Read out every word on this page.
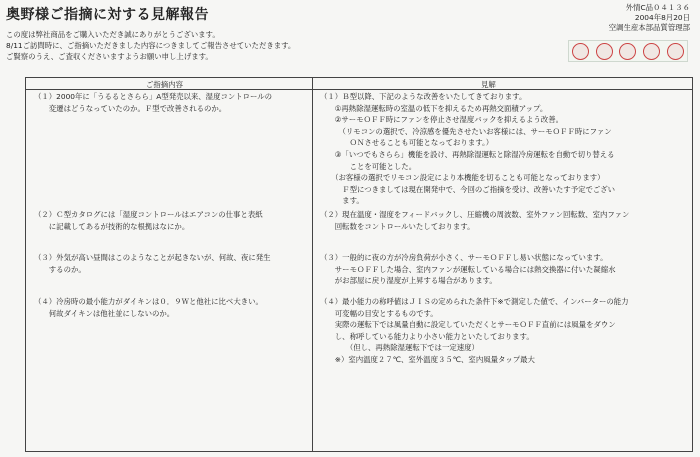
奥野様ご指摘に対する見解報告	外情C品０４１３６
2004年8月20日
空調生産本部品質管理部
この度は弊社商品をご購入いただき誠にありがとうございます。
8/11ご訪問時に、ご指摘いただきました内容につきましてご報告させていただきます。
ご賢察のうえ、ご査収くださいますようお願い申し上げます。
ご指摘内容	見解
（１）2000年に「うるるとさらら」A型発売以来、湿度コントロールの
　　変遷はどうなっていたのか。Ｆ型で改善されるのか。
（１）Ｂ型以降、下記のような改善をいたしてきております。
　　①再熱除湿運転時の室温の低下を抑えるため再熱交面積アップ。
　　②サーモＯＦＦ時にファンを停止させ湿度バックを抑えるよう改善。
　　　（リモコンの選択で、冷涼感を優先させたいお客様には、サーモＯＦＦ時にファン
　　　　ＯＮさせることも可能となっております。）
　　③「いつでもさらら」機能を設け、再熱除湿運転と除湿冷房運転を自動で切り替える
　　　　ことを可能とした。
　　（お客様の選択でリモコン設定により本機能を切ることも可能となっております）
　　　Ｆ型につきましては現在開発中で、今回のご指摘を受け、改善いたす予定でござい
　　　ます。
（２）Ｃ型カタログには「湿度コントロールはエアコンの仕事と表紙
　　に記載してあるが技術的な根拠はなにか。
（２）現在温度・湿度をフィードバックし、圧縮機の周波数、室外ファン回転数、室内ファン
　　回転数をコントロールいたしております。
（３）外気が高い昼間はこのようなことが起きないが、何故、夜に発生
　　するのか。
（３）一般的に夜の方が冷房負荷が小さく、サーモＯＦＦし易い状態になっています。
　　サーモＯＦＦした場合、室内ファンが運転している場合には熱交換器に付いた凝縮水
　　がお部屋に戻り湿度が上昇する場合があります。
（４）冷房時の最小能力がダイキンは０．９Ｗと他社に比べ大きい。
　　何故ダイキンは他社並にしないのか。
（４）最小能力の称呼値はＪＩＳの定められた条件下※で測定した値で、インバーターの能力
　　可変幅の目安とするものです。
　　実際の運転下では風量自動に設定していただくとサーモＯＦＦ直前には風量をダウン
　　し、称呼している能力より小さい能力といたしております。
　　　　（但し、再熱除湿運転下では一定速度）
　　※）室内温度２７℃、室外温度３５℃、室内風量タップ最大
